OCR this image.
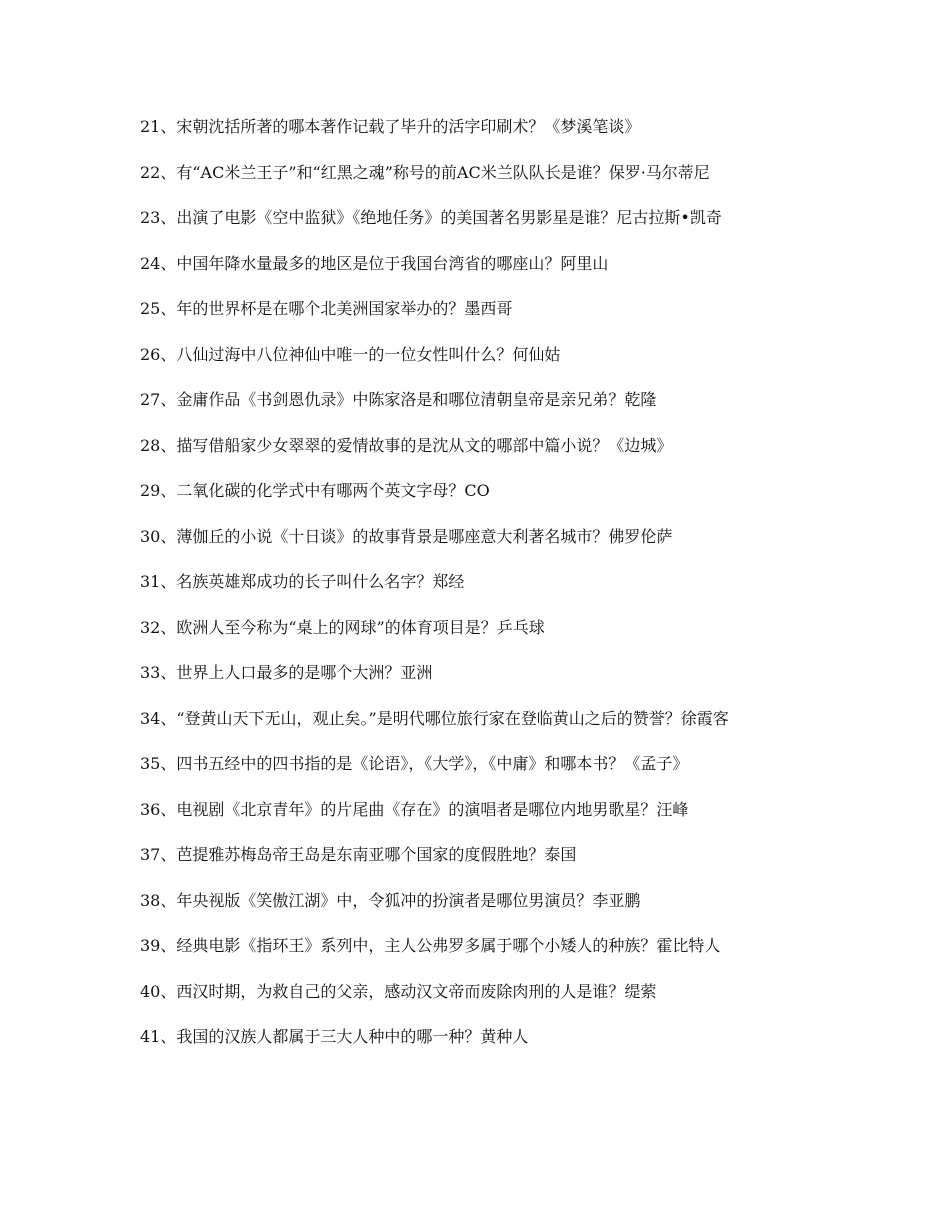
21、宋朝沈括所著的哪本著作记载了毕升的活字印刷术？《梦溪笔谈》
22、有“AC米兰王子”和“红黑之魂”称号的前AC米兰队队长是谁？保罗·马尔蒂尼
23、出演了电影《空中监狱》《绝地任务》的美国著名男影星是谁？尼古拉斯•凯奇
24、中国年降水量最多的地区是位于我国台湾省的哪座山？阿里山
25、年的世界杯是在哪个北美洲国家举办的？墨西哥
26、八仙过海中八位神仙中唯一的一位女性叫什么？何仙姑
27、金庸作品《书剑恩仇录》中陈家洛是和哪位清朝皇帝是亲兄弟？乾隆
28、描写借船家少女翠翠的爱情故事的是沈从文的哪部中篇小说？《边城》
29、二氧化碳的化学式中有哪两个英文字母？CO
30、薄伽丘的小说《十日谈》的故事背景是哪座意大利著名城市？佛罗伦萨
31、名族英雄郑成功的长子叫什么名字？郑经
32、欧洲人至今称为“桌上的网球”的体育项目是？乒乓球
33、世界上人口最多的是哪个大洲？亚洲
34、“登黄山天下无山，观止矣。”是明代哪位旅行家在登临黄山之后的赞誉？徐霞客
35、四书五经中的四书指的是《论语》，《大学》，《中庸》和哪本书？《孟子》
36、电视剧《北京青年》的片尾曲《存在》的演唱者是哪位内地男歌星？汪峰
37、芭提雅苏梅岛帝王岛是东南亚哪个国家的度假胜地？泰国
38、年央视版《笑傲江湖》中，令狐冲的扮演者是哪位男演员？李亚鹏
39、经典电影《指环王》系列中，主人公弗罗多属于哪个小矮人的种族？霍比特人
40、西汉时期，为救自己的父亲，感动汉文帝而废除肉刑的人是谁？缇萦
41、我国的汉族人都属于三大人种中的哪一种？黄种人
